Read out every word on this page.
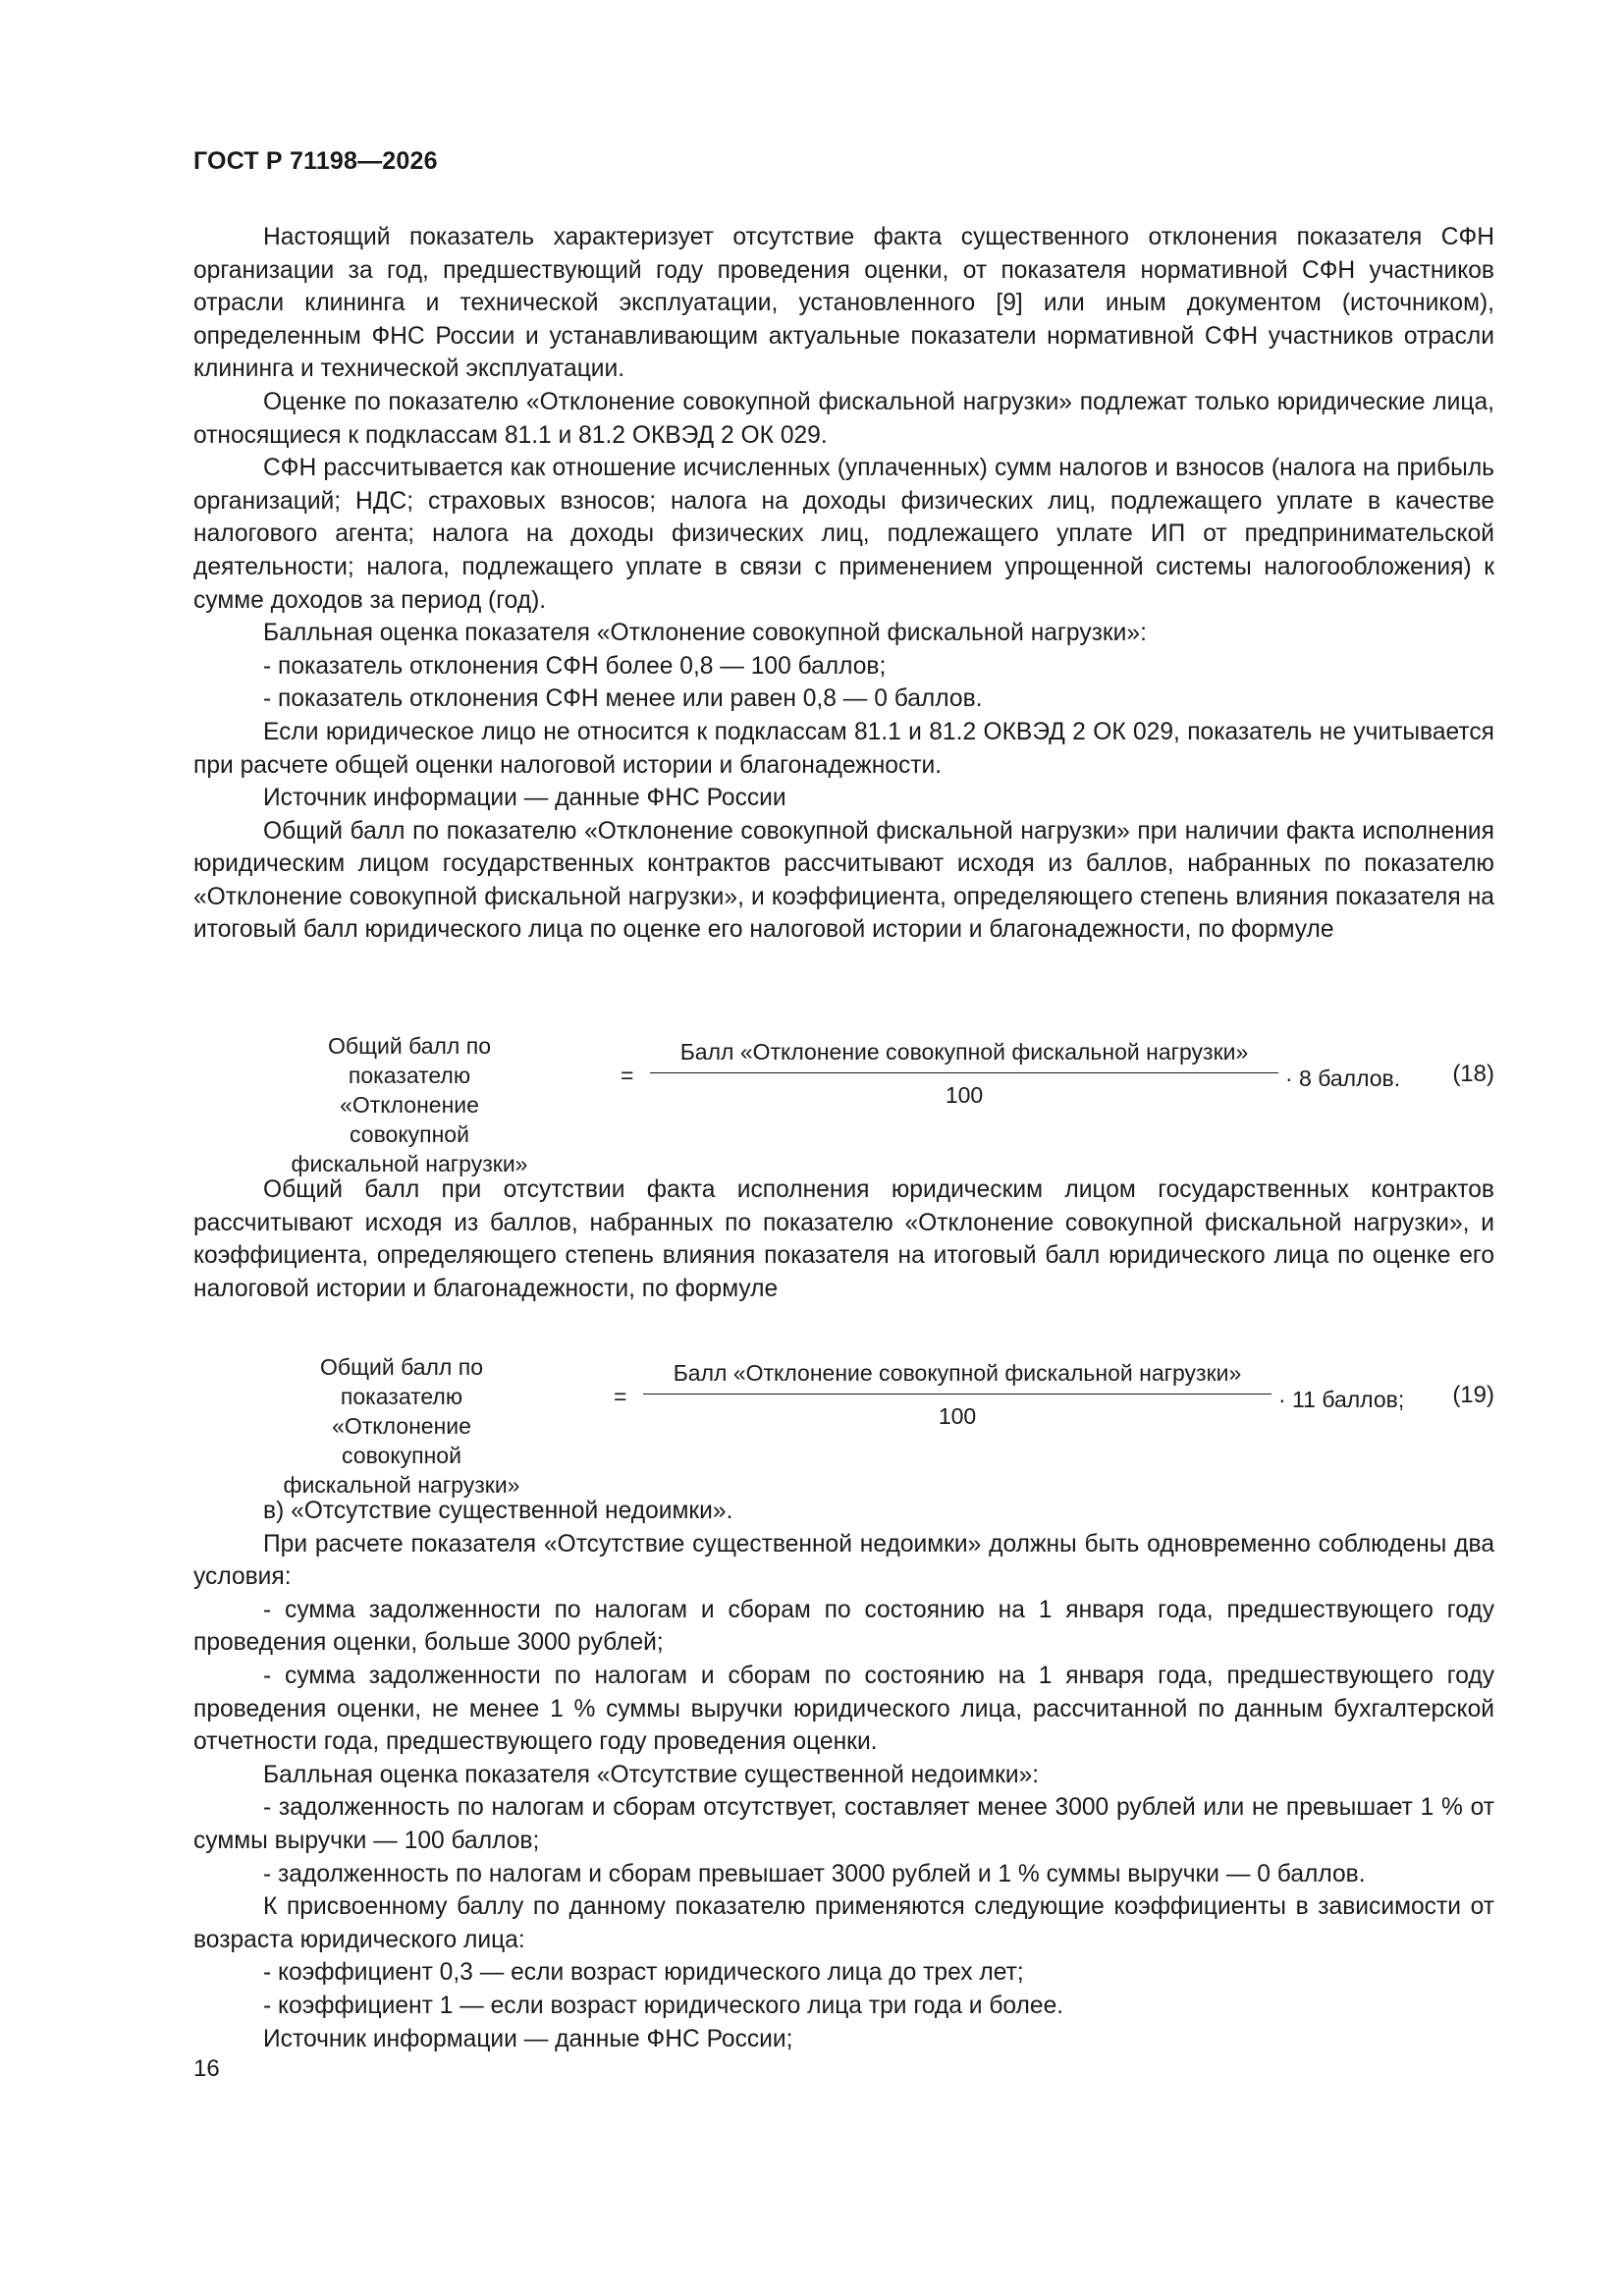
ГОСТ Р 71198—2026

Настоящий показатель характеризует отсутствие факта существенного отклонения показателя СФН организации за год, предшествующий году проведения оценки, от показателя нормативной СФН участников отрасли клининга и технической эксплуатации, установленного [9] или иным документом (источником), определенным ФНС России и устанавливающим актуальные показатели нормативной СФН участников отрасли клининга и технической эксплуатации.

Оценке по показателю «Отклонение совокупной фискальной нагрузки» подлежат только юридические лица, относящиеся к подклассам 81.1 и 81.2 ОКВЭД 2 ОК 029.

СФН рассчитывается как отношение исчисленных (уплаченных) сумм налогов и взносов (налога на прибыль организаций; НДС; страховых взносов; налога на доходы физических лиц, подлежащего уплате в качестве налогового агента; налога на доходы физических лиц, подлежащего уплате ИП от предпринимательской деятельности; налога, подлежащего уплате в связи с применением упрощенной системы налогообложения) к сумме доходов за период (год).

Балльная оценка показателя «Отклонение совокупной фискальной нагрузки»:

- показатель отклонения СФН более 0,8 — 100 баллов;

- показатель отклонения СФН менее или равен 0,8 — 0 баллов.

Если юридическое лицо не относится к подклассам 81.1 и 81.2 ОКВЭД 2 ОК 029, показатель не учитывается при расчете общей оценки налоговой истории и благонадежности.

Источник информации — данные ФНС России

Общий балл по показателю «Отклонение совокупной фискальной нагрузки» при наличии факта исполнения юридическим лицом государственных контрактов рассчитывают исходя из баллов, набранных по показателю «Отклонение совокупной фискальной нагрузки», и коэффициента, определяющего степень влияния показателя на итоговый балл юридического лица по оценке его налоговой истории и благонадежности, по формуле

Общий балл по показателю
«Отклонение совокупной
фискальной нагрузки»
=
Балл «Отклонение совокупной фискальной нагрузки»
100
· 8 баллов. (18)

Общий балл при отсутствии факта исполнения юридическим лицом государственных контрактов рассчитывают исходя из баллов, набранных по показателю «Отклонение совокупной фискальной нагрузки», и коэффициента, определяющего степень влияния показателя на итоговый балл юридического лица по оценке его налоговой истории и благонадежности, по формуле

Общий балл по показателю
«Отклонение совокупной
фискальной нагрузки»
=
Балл «Отклонение совокупной фискальной нагрузки»
100
· 11 баллов; (19)

в) «Отсутствие существенной недоимки».

При расчете показателя «Отсутствие существенной недоимки» должны быть одновременно соблюдены два условия:

- сумма задолженности по налогам и сборам по состоянию на 1 января года, предшествующего году проведения оценки, больше 3000 рублей;

- сумма задолженности по налогам и сборам по состоянию на 1 января года, предшествующего году проведения оценки, не менее 1 % суммы выручки юридического лица, рассчитанной по данным бухгалтерской отчетности года, предшествующего году проведения оценки.

Балльная оценка показателя «Отсутствие существенной недоимки»:

- задолженность по налогам и сборам отсутствует, составляет менее 3000 рублей или не превышает 1 % от суммы выручки — 100 баллов;

- задолженность по налогам и сборам превышает 3000 рублей и 1 % суммы выручки — 0 баллов.

К присвоенному баллу по данному показателю применяются следующие коэффициенты в зависимости от возраста юридического лица:

- коэффициент 0,3 — если возраст юридического лица до трех лет;

- коэффициент 1 — если возраст юридического лица три года и более.

Источник информации — данные ФНС России;

16
